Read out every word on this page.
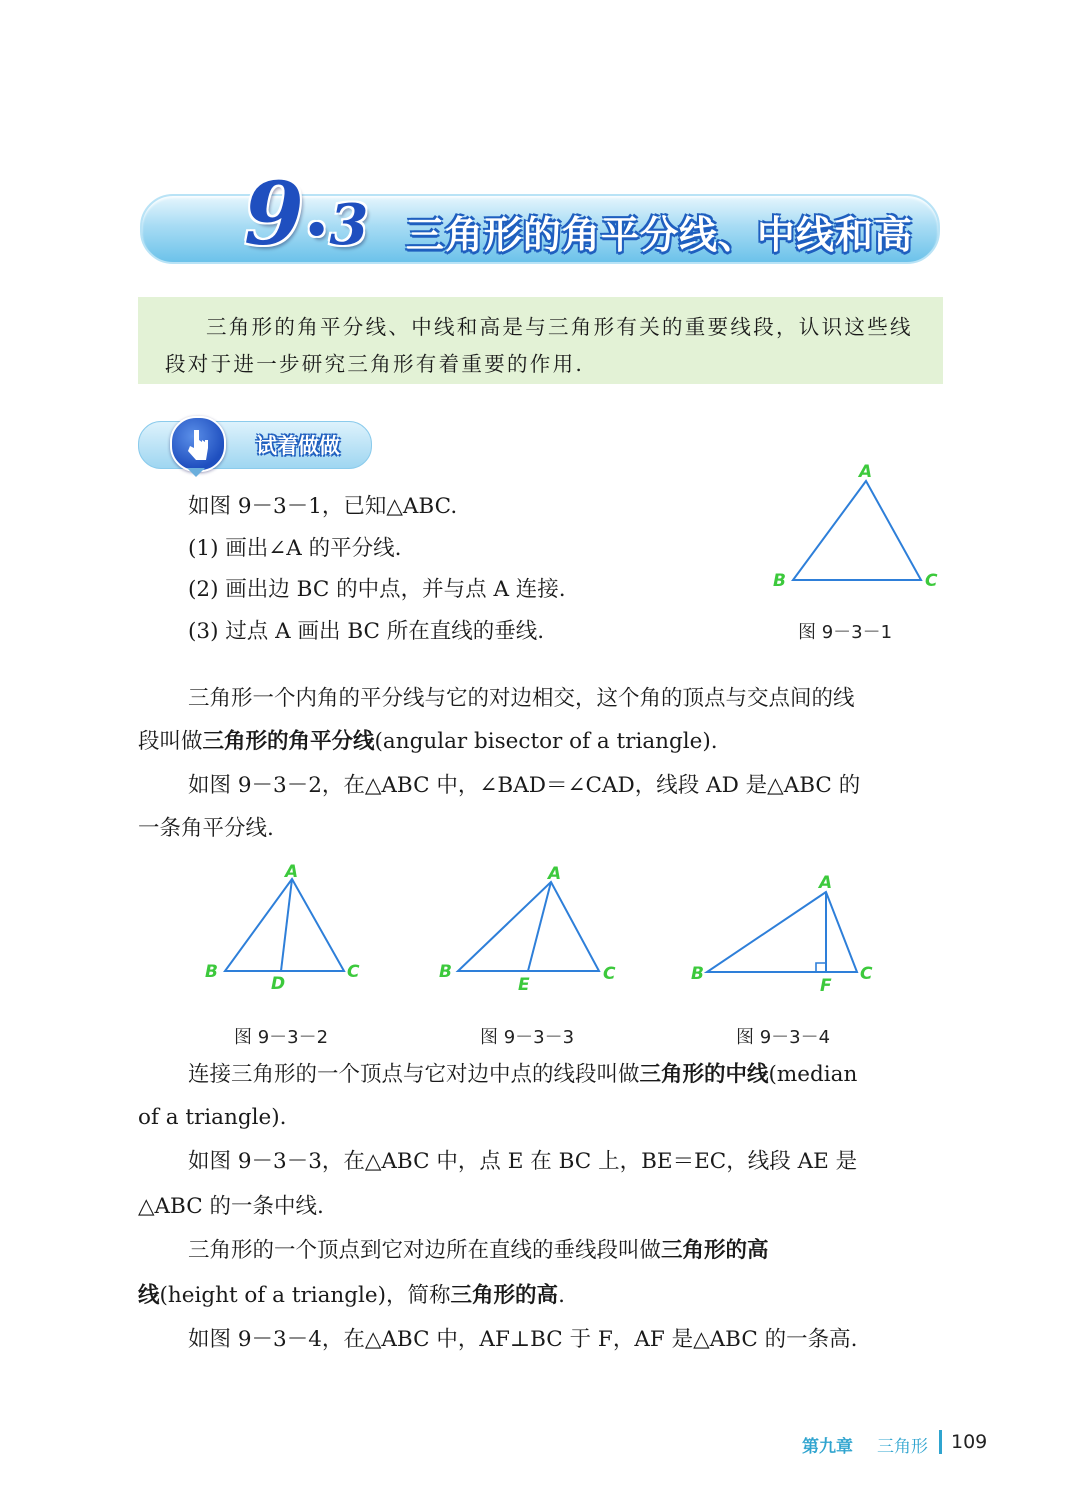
9•3 三角形的角平分线、中线和高
三角形的角平分线、中线和高是与三角形有关的重要线段，认识这些线段对于进一步研究三角形有着重要的作用.
试着做做
如图 9－3－1，已知△ABC.
(1) 画出∠A 的平分线.
(2) 画出边 BC 的中点，并与点 A 连接.
(3) 过点 A 画出 BC 所在直线的垂线.
A
B	C
图 9－3－1
三角形一个内角的平分线与它的对边相交，这个角的顶点与交点间的线
段叫做三角形的角平分线(angular bisector of a triangle).
如图 9－3－2，在△ABC 中，∠BAD＝∠CAD，线段 AD 是△ABC 的
一条角平分线.
A
B	C
D
图 9－3－2
A
B	C
E
图 9－3－3
A
B	C
F
图 9－3－4
连接三角形的一个顶点与它对边中点的线段叫做三角形的中线(median
of a triangle).
如图 9－3－3，在△ABC 中，点 E 在 BC 上，BE＝EC，线段 AE 是
△ABC 的一条中线.
三角形的一个顶点到它对边所在直线的垂线段叫做三角形的高
线(height of a triangle)，简称三角形的高.
如图 9－3－4，在△ABC 中，AF⊥BC 于 F，AF 是△ABC 的一条高.
第九章 三角形 109
